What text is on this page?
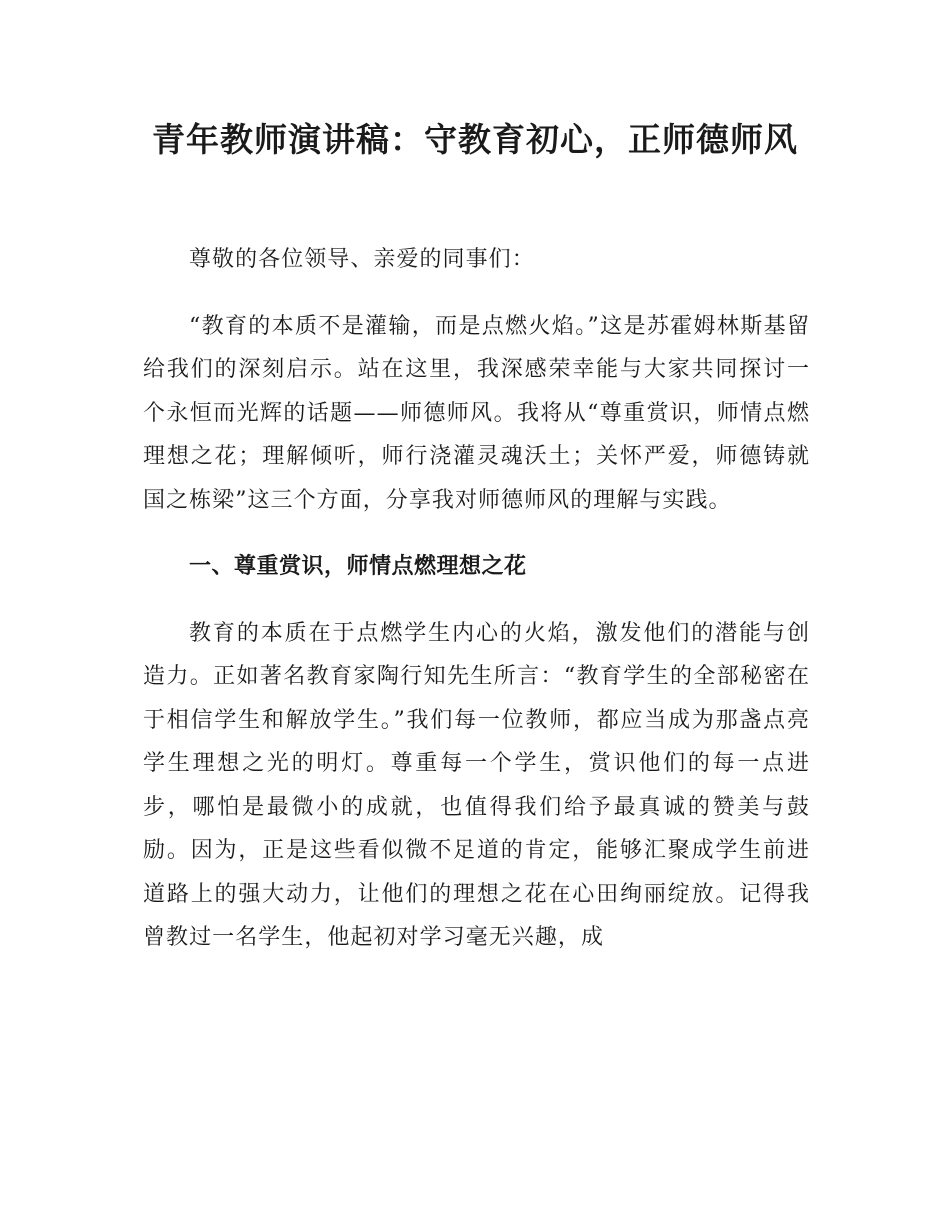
青年教师演讲稿：守教育初心，正师德师风

尊敬的各位领导、亲爱的同事们：

“教育的本质不是灌输，而是点燃火焰。”这是苏霍姆林斯基留给我们的深刻启示。站在这里，我深感荣幸能与大家共同探讨一个永恒而光辉的话题——师德师风。我将从“尊重赏识，师情点燃理想之花；理解倾听，师行浇灌灵魂沃土；关怀严爱，师德铸就国之栋梁”这三个方面，分享我对师德师风的理解与实践。

一、尊重赏识，师情点燃理想之花

教育的本质在于点燃学生内心的火焰，激发他们的潜能与创造力。正如著名教育家陶行知先生所言：“教育学生的全部秘密在于相信学生和解放学生。”我们每一位教师，都应当成为那盏点亮学生理想之光的明灯。尊重每一个学生，赏识他们的每一点进步，哪怕是最微小的成就，也值得我们给予最真诚的赞美与鼓励。因为，正是这些看似微不足道的肯定，能够汇聚成学生前进道路上的强大动力，让他们的理想之花在心田绚丽绽放。记得我曾教过一名学生，他起初对学习毫无兴趣，成
